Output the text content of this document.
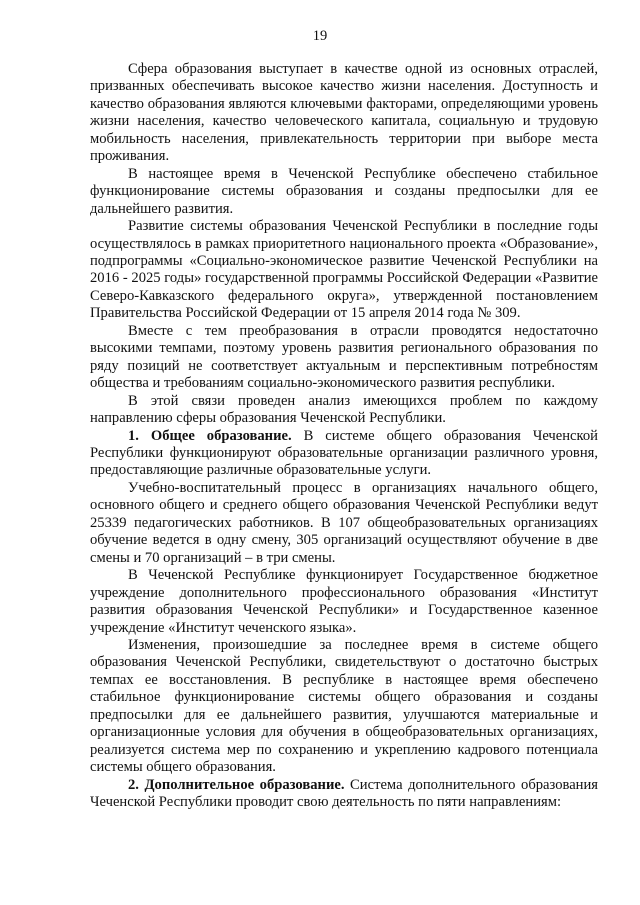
19

Сфера образования выступает в качестве одной из основных отраслей, призванных обеспечивать высокое качество жизни населения. Доступность и качество образования являются ключевыми факторами, определяющими уровень жизни населения, качество человеческого капитала, социальную и трудовую мобильность населения, привлекательность территории при выборе места проживания.

В настоящее время в Чеченской Республике обеспечено стабильное функционирование системы образования и созданы предпосылки для ее дальнейшего развития.

Развитие системы образования Чеченской Республики в последние годы осуществлялось в рамках приоритетного национального проекта «Образование», подпрограммы «Социально-экономическое развитие Чеченской Республики на 2016 - 2025 годы» государственной программы Российской Федерации «Развитие Северо-Кавказского федерального округа», утвержденной постановлением Правительства Российской Федерации от 15 апреля 2014 года № 309.

Вместе с тем преобразования в отрасли проводятся недостаточно высокими темпами, поэтому уровень развития регионального образования по ряду позиций не соответствует актуальным и перспективным потребностям общества и требованиям социально-экономического развития республики.

В этой связи проведен анализ имеющихся проблем по каждому направлению сферы образования Чеченской Республики.

1. Общее образование. В системе общего образования Чеченской Республики функционируют образовательные организации различного уровня, предоставляющие различные образовательные услуги.

Учебно-воспитательный процесс в организациях начального общего, основного общего и среднего общего образования Чеченской Республики ведут 25339 педагогических работников. В 107 общеобразовательных организациях обучение ведется в одну смену, 305 организаций осуществляют обучение в две смены и 70 организаций – в три смены.

В Чеченской Республике функционирует Государственное бюджетное учреждение дополнительного профессионального образования «Институт развития образования Чеченской Республики» и Государственное казенное учреждение «Институт чеченского языка».

Изменения, произошедшие за последнее время в системе общего образования Чеченской Республики, свидетельствуют о достаточно быстрых темпах ее восстановления. В республике в настоящее время обеспечено стабильное функционирование системы общего образования и созданы предпосылки для ее дальнейшего развития, улучшаются материальные и организационные условия для обучения в общеобразовательных организациях, реализуется система мер по сохранению и укреплению кадрового потенциала системы общего образования.

2. Дополнительное образование. Система дополнительного образования Чеченской Республики проводит свою деятельность по пяти направлениям:
